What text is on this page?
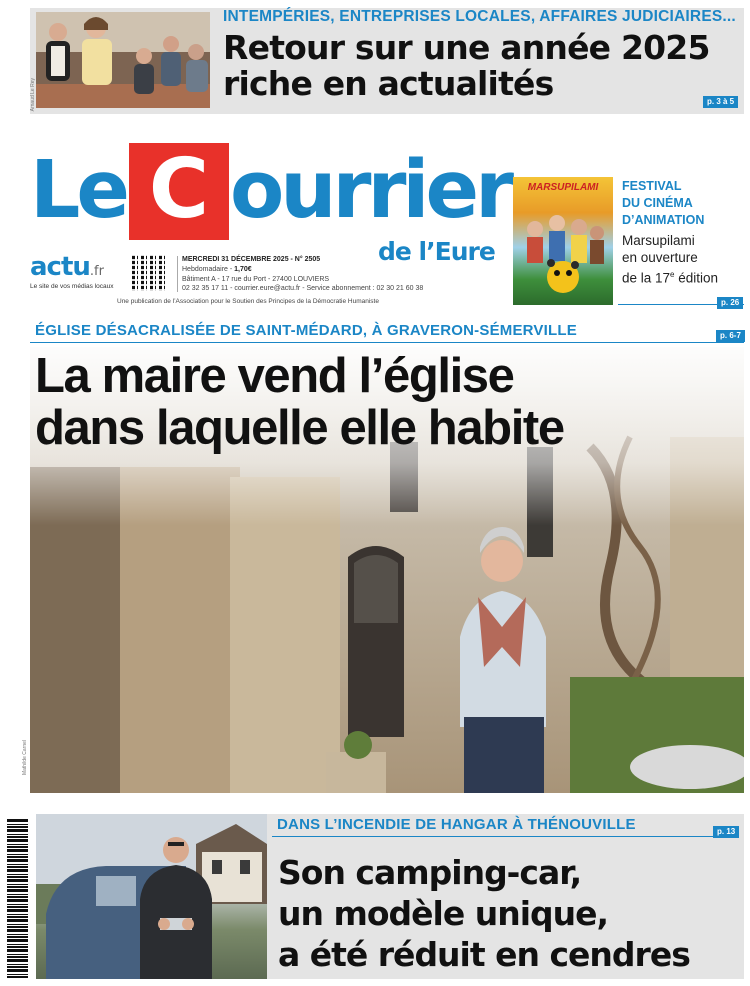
Arnaud Le Rey
INTEMPÉRIES, ENTREPRISES LOCALES, AFFAIRES JUDICIAIRES...
Retour sur une année 2025
riche en actualités	p. 3 à 5
Le C ourrier
de l’Eure
actu.fr
Le site de vos médias locaux
MERCREDI 31 DÉCEMBRE 2025 - N° 2505
Hebdomadaire - 1,70€
Bâtiment A - 17 rue du Port - 27400 LOUVIERS
02 32 35 17 11 - courrier.eure@actu.fr - Service abonnement : 02 30 21 60 38
Une publication de l’Association pour le Soutien des Principes de la Démocratie Humaniste
MARSUPILAMI	FESTIVAL
DU CINÉMA
D’ANIMATION
Marsupilami
en ouverture
de la 17e édition
p. 26
ÉGLISE DÉSACRALISÉE DE SAINT-MÉDARD, À GRAVERON-SÉMERVILLE	p. 6-7
Mathilde Carnel
La maire vend l’église
dans laquelle elle habite
DANS L’INCENDIE DE HANGAR À THÉNOUVILLE	p. 13
Son camping-car,
un modèle unique,
a été réduit en cendres
